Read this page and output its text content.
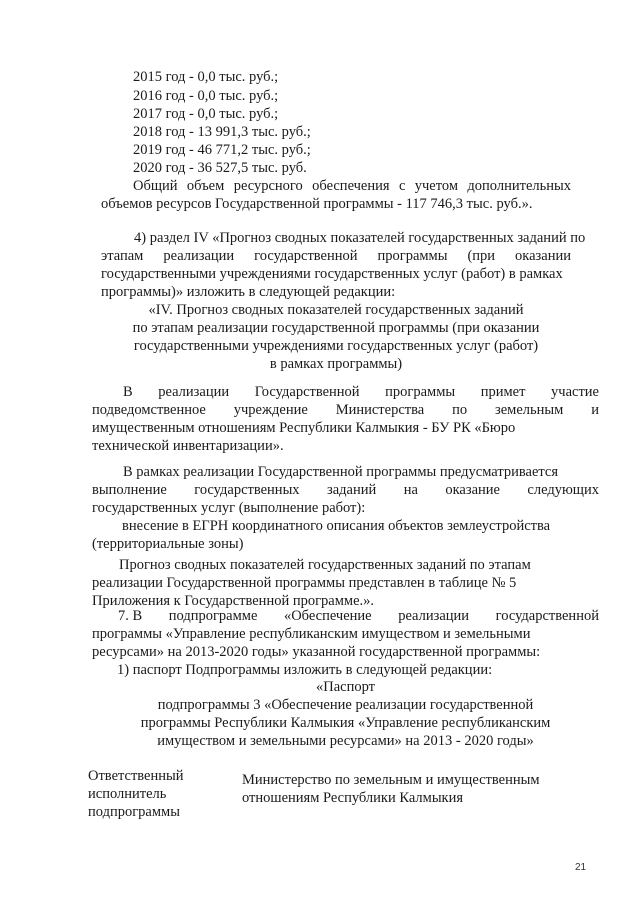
2015 год - 0,0 тыс. руб.;
2016 год - 0,0 тыс. руб.;
2017 год - 0,0 тыс. руб.;
2018 год - 13 991,3 тыс. руб.;
2019 год - 46 771,2 тыс. руб.;
2020 год - 36 527,5 тыс. руб.
Общий объем ресурсного обеспечения с учетом дополнительных
объемов ресурсов Государственной программы - 117 746,3 тыс. руб.».
4) раздел IV «Прогноз сводных показателей государственных заданий по
этапам реализации государственной программы (при оказании
государственными учреждениями государственных услуг (работ) в рамках
программы)» изложить в следующей редакции:
«IV. Прогноз сводных показателей государственных заданий
по этапам реализации государственной программы (при оказании
государственными учреждениями государственных услуг (работ)
в рамках программы)
В реализации Государственной программы примет участие
подведомственное учреждение Министерства по земельным и
имущественным отношениям Республики Калмыкия - БУ РК «Бюро
технической инвентаризации».
В рамках реализации Государственной программы предусматривается
выполнение государственных заданий на оказание следующих
государственных услуг (выполнение работ):
внесение в ЕГРН координатного описания объектов землеустройства
(территориальные зоны)
Прогноз сводных показателей государственных заданий по этапам
реализации Государственной программы представлен в таблице № 5
Приложения к Государственной программе.».
7. В подпрограмме «Обеспечение реализации государственной
программы «Управление республиканским имуществом и земельными
ресурсами» на 2013-2020 годы» указанной государственной программы:
1) паспорт Подпрограммы изложить в следующей редакции:
«Паспорт
подпрограммы 3 «Обеспечение реализации государственной
программы Республики Калмыкия «Управление республиканским
имуществом и земельными ресурсами» на 2013 - 2020 годы»
Ответственный
исполнитель
подпрограммы
Министерство по земельным и имущественным
отношениям Республики Калмыкия
21
